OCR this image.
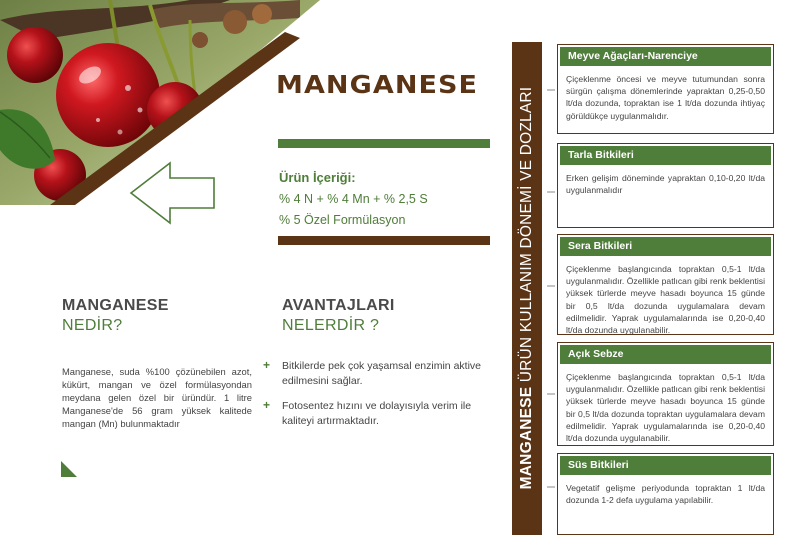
MANGANESE
Ürün İçeriği:
% 4 N + % 4 Mn + % 2,5 S
% 5 Özel Formülasyon
MANGANESE
NEDİR?

Manganese, suda %100 çözünebilen azot, kükürt, mangan ve özel formülasyondan meydana gelen özel bir üründür. 1 litre Manganese'de 56 gram yüksek kalitede mangan (Mn) bulunmaktadır

AVANTAJLARI
NELERDİR ?
+ Bitkilerde pek çok yaşamsal enzimin aktive edilmesini sağlar.
+ Fotosentez hızını ve dolayısıyla verim ile kaliteyi artırmaktadır.	MANGANESE ÜRÜN KULLANIM DÖNEMİ VE DOZLARI
Meyve Ağaçları-Narenciye
Çiçeklenme öncesi ve meyve tutumundan sonra sürgün çalışma dönemlerinde yapraktan 0,25-0,50 lt/da dozunda, topraktan ise 1 lt/da dozunda ihtiyaç görüldükçe uygulanmalıdır.
Tarla Bitkileri
Erken gelişim döneminde yapraktan 0,10-0,20 lt/da uygulanmalıdır
Sera Bitkileri
Çiçeklenme başlangıcında topraktan 0,5-1 lt/da uygulanmalıdır. Özellikle patlıcan gibi renk beklentisi yüksek türlerde meyve hasadı boyunca 15 günde bir 0,5 lt/da dozunda uygulamalara devam edilmelidir. Yaprak uygulamalarında ise 0,20-0,40 lt/da dozunda uygulanabilir.
Açık Sebze
Çiçeklenme başlangıcında topraktan 0,5-1 lt/da uygulanmalıdır. Özellikle patlıcan gibi renk beklentisi yüksek türlerde meyve hasadı boyunca 15 günde bir 0,5 lt/da dozunda topraktan uygulamalara devam edilmelidir. Yaprak uygulamalarında ise 0,20-0,40 lt/da dozunda uygulanabilir.
Süs Bitkileri
Vegetatif gelişme periyodunda topraktan 1 lt/da dozunda 1-2 defa uygulama yapılabilir.
